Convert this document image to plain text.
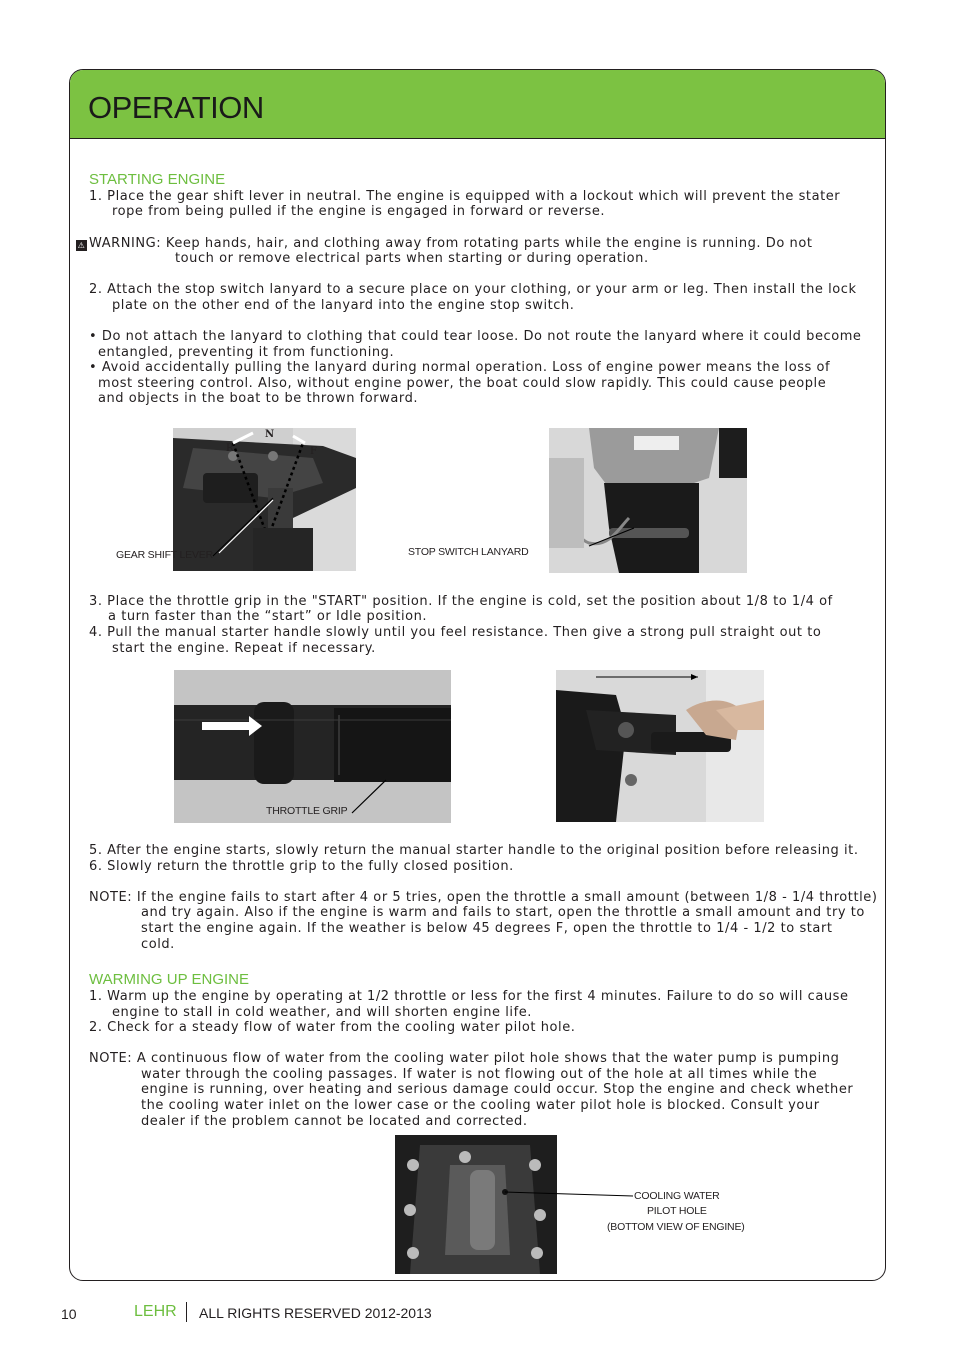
OPERATION
STARTING ENGINE
1. Place the gear shift lever in neutral. The engine is equipped with a lockout which will prevent the stater
rope from being pulled if the engine is engaged in forward or reverse.
⚠ WARNING: Keep hands, hair, and clothing away from rotating parts while the engine is running. Do not
touch or remove electrical parts when starting or during operation.
2. Attach the stop switch lanyard to a secure place on your clothing, or your arm or leg. Then install the lock
plate on the other end of the lanyard into the engine stop switch.
• Do not attach the lanyard to clothing that could tear loose. Do not route the lanyard where it could become
entangled, preventing it from functioning.
• Avoid accidentally pulling the lanyard during normal operation. Loss of engine power means the loss of
most steering control. Also, without engine power, the boat could slow rapidly. This could cause people
and objects in the boat to be thrown forward.
R
N
F
GEAR SHIFT LEVER	STOP SWITCH LANYARD
3. Place the throttle grip in the "START" position. If the engine is cold, set the position about 1/8 to 1/4 of
a turn faster than the “start” or Idle position.
4. Pull the manual starter handle slowly until you feel resistance. Then give a strong pull straight out to
start the engine. Repeat if necessary.
THROTTLE GRIP
5. After the engine starts, slowly return the manual starter handle to the original position before releasing it.
6. Slowly return the throttle grip to the fully closed position.
NOTE: If the engine fails to start after 4 or 5 tries, open the throttle a small amount (between 1/8 - 1/4 throttle)
and try again. Also if the engine is warm and fails to start, open the throttle a small amount and try to
start the engine again. If the weather is below 45 degrees F, open the throttle to 1/4 - 1/2 to start
cold.
WARMING UP ENGINE
1. Warm up the engine by operating at 1/2 throttle or less for the first 4 minutes. Failure to do so will cause
engine to stall in cold weather, and will shorten engine life.
2. Check for a steady flow of water from the cooling water pilot hole.
NOTE: A continuous flow of water from the cooling water pilot hole shows that the water pump is pumping
water through the cooling passages. If water is not flowing out of the hole at all times while the
engine is running, over heating and serious damage could occur. Stop the engine and check whether
the cooling water inlet on the lower case or the cooling water pilot hole is blocked. Consult your
dealer if the problem cannot be located and corrected.
COOLING WATER
PILOT HOLE
(BOTTOM VIEW OF ENGINE)
10	LEHR ALL RIGHTS RESERVED 2012-2013
